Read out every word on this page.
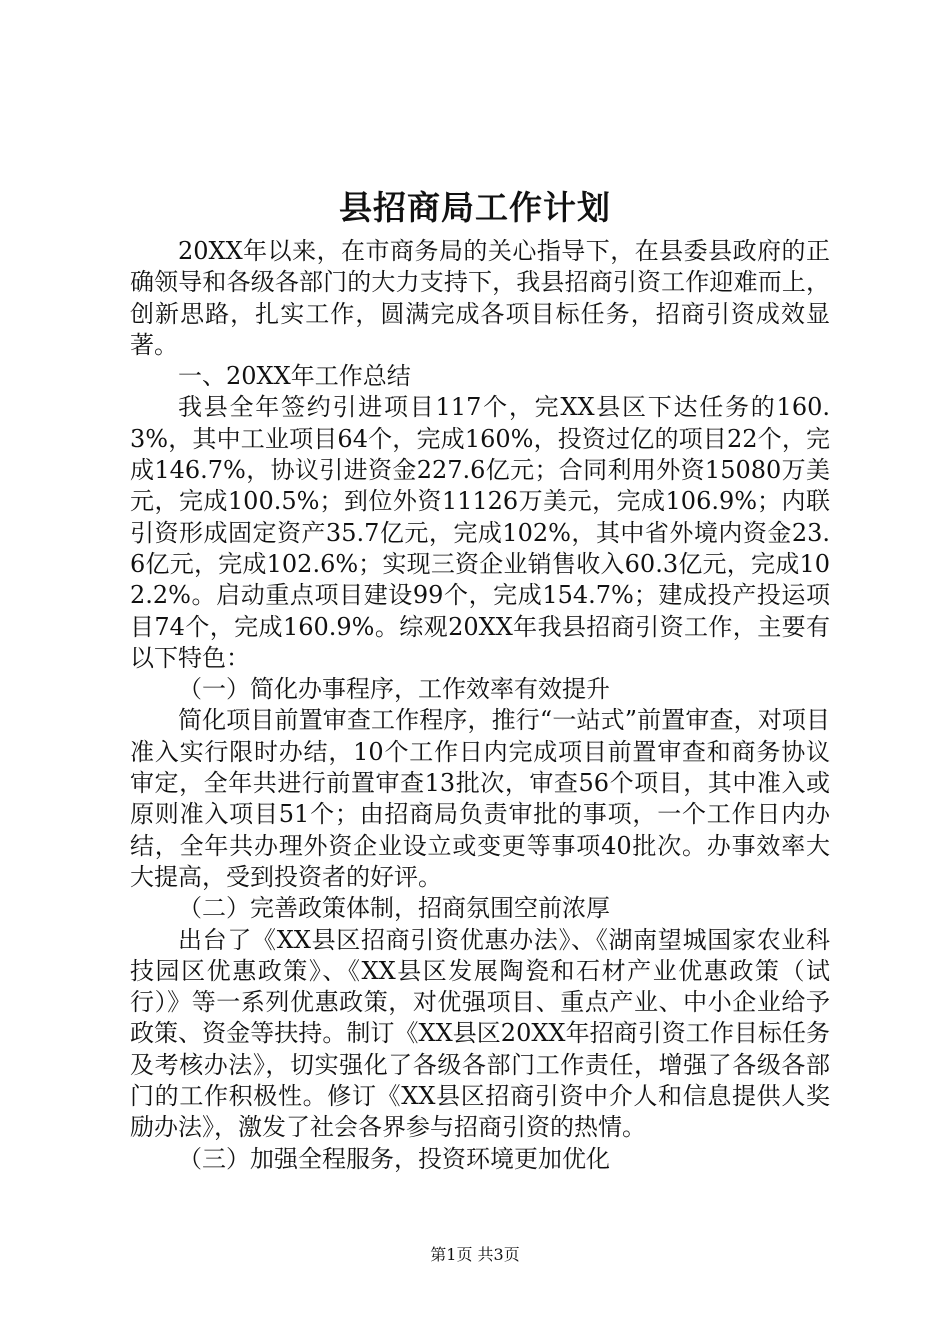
县招商局工作计划

20XX年以来，在市商务局的关心指导下，在县委县政府的正确领导和各级各部门的大力支持下，我县招商引资工作迎难而上，创新思路，扎实工作，圆满完成各项目标任务，招商引资成效显著。

一、20XX年工作总结

我县全年签约引进项目117个，完XX县区下达任务的160.3%，其中工业项目64个，完成160%，投资过亿的项目22个，完成146.7%，协议引进资金227.6亿元；合同利用外资15080万美元，完成100.5%；到位外资11126万美元，完成106.9%；内联引资形成固定资产35.7亿元，完成102%，其中省外境内资金23.6亿元，完成102.6%；实现三资企业销售收入60.3亿元，完成102.2%。启动重点项目建设99个，完成154.7%；建成投产投运项目74个，完成160.9%。综观20XX年我县招商引资工作，主要有以下特色：

（一）简化办事程序，工作效率有效提升

简化项目前置审查工作程序，推行“一站式”前置审查，对项目准入实行限时办结，10个工作日内完成项目前置审查和商务协议审定，全年共进行前置审查13批次，审查56个项目，其中准入或原则准入项目51个；由招商局负责审批的事项，一个工作日内办结，全年共办理外资企业设立或变更等事项40批次。办事效率大大提高，受到投资者的好评。

（二）完善政策体制，招商氛围空前浓厚

出台了《XX县区招商引资优惠办法》、《湖南望城国家农业科技园区优惠政策》、《XX县区发展陶瓷和石材产业优惠政策（试行）》等一系列优惠政策，对优强项目、重点产业、中小企业给予政策、资金等扶持。制订《XX县区20XX年招商引资工作目标任务及考核办法》，切实强化了各级各部门工作责任，增强了各级各部门的工作积极性。修订《XX县区招商引资中介人和信息提供人奖励办法》，激发了社会各界参与招商引资的热情。

（三）加强全程服务，投资环境更加优化

第1页 共3页
